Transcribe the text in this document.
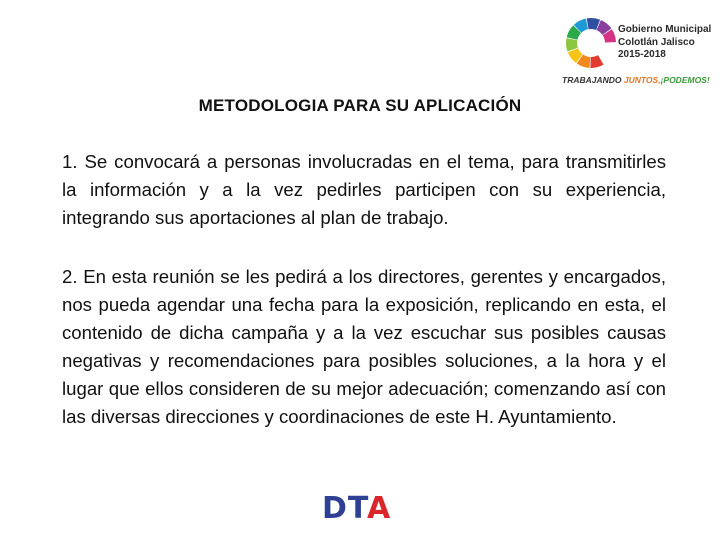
Gobierno Municipal
Colotlán Jalisco
2015-2018
TRABAJANDO JUNTOS,¡PODEMOS!
METODOLOGIA PARA SU APLICACIÓN
1. Se convocará a personas involucradas en el tema, para transmitirles la información y a la vez pedirles participen con su experiencia, integrando sus aportaciones al plan de trabajo.
2. En esta reunión se les pedirá a los directores, gerentes y encargados, nos pueda agendar una fecha para la exposición, replicando en esta, el contenido de dicha campaña y a la vez escuchar sus posibles causas negativas y recomendaciones para posibles soluciones, a la hora y el lugar que ellos consideren de su mejor adecuación; comenzando así con las diversas direcciones y coordinaciones de este H. Ayuntamiento.
DTA
